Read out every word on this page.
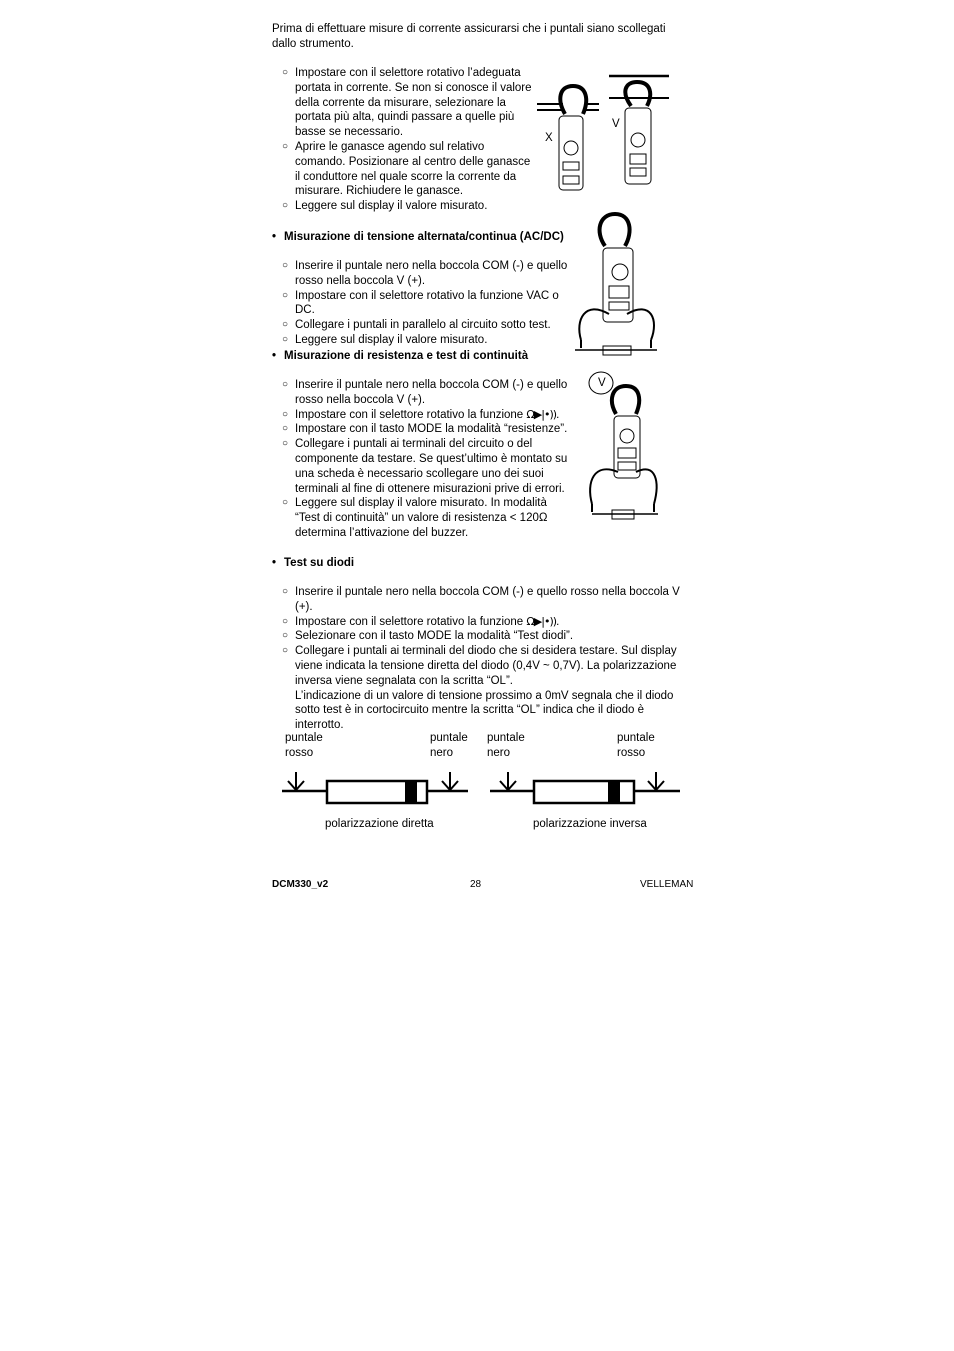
Prima di effettuare misure di corrente assicurarsi che i puntali siano scollegati dallo strumento.
○ Impostare con il selettore rotativo l’adeguata portata in corrente. Se non si conosce il valore della corrente da misurare, selezionare la portata più alta, quindi passare a quelle più basse se necessario.
○ Aprire le ganasce agendo sul relativo comando. Posizionare al centro delle ganasce il conduttore nel quale scorre la corrente da misurare. Richiudere le ganasce.
○ Leggere sul display il valore misurato.
X
V
• Misurazione di tensione alternata/continua (AC/DC)
○ Inserire il puntale nero nella boccola COM (-) e quello rosso nella boccola V (+).
○ Impostare con il selettore rotativo la funzione VAC o DC.
○ Collegare i puntali in parallelo al circuito sotto test.
○ Leggere sul display il valore misurato.
• Misurazione di resistenza e test di continuità
○ Inserire il puntale nero nella boccola COM (-) e quello rosso nella boccola V (+).
○ Impostare con il selettore rotativo la funzione Ω▶|•)).
○ Impostare con il tasto MODE la modalità “resistenze”.
○ Collegare i puntali ai terminali del circuito o del componente da testare. Se quest’ultimo è montato su una scheda è necessario scollegare uno dei suoi terminali al fine di ottenere misurazioni prive di errori.
○ Leggere sul display il valore misurato. In modalità “Test di continuità” un valore di resistenza < 120Ω determina l’attivazione del buzzer.
V
• Test su diodi
○ Inserire il puntale nero nella boccola COM (-) e quello rosso nella boccola V (+).
○ Impostare con il selettore rotativo la funzione Ω▶|•)).
○ Selezionare con il tasto MODE la modalità “Test diodi”.
○ Collegare i puntali ai terminali del diodo che si desidera testare. Sul display viene indicata la tensione diretta del diodo (0,4V ~ 0,7V). La polarizzazione inversa viene segnalata con la scritta “OL”.
L’indicazione di un valore di tensione prossimo a 0mV segnala che il diodo sotto test è in cortocircuito mentre la scritta “OL” indica che il diodo è interrotto.
puntale
rosso
puntale
nero
puntale
nero
puntale
rosso
polarizzazione diretta	polarizzazione inversa
DCM330_v2	28	VELLEMAN
